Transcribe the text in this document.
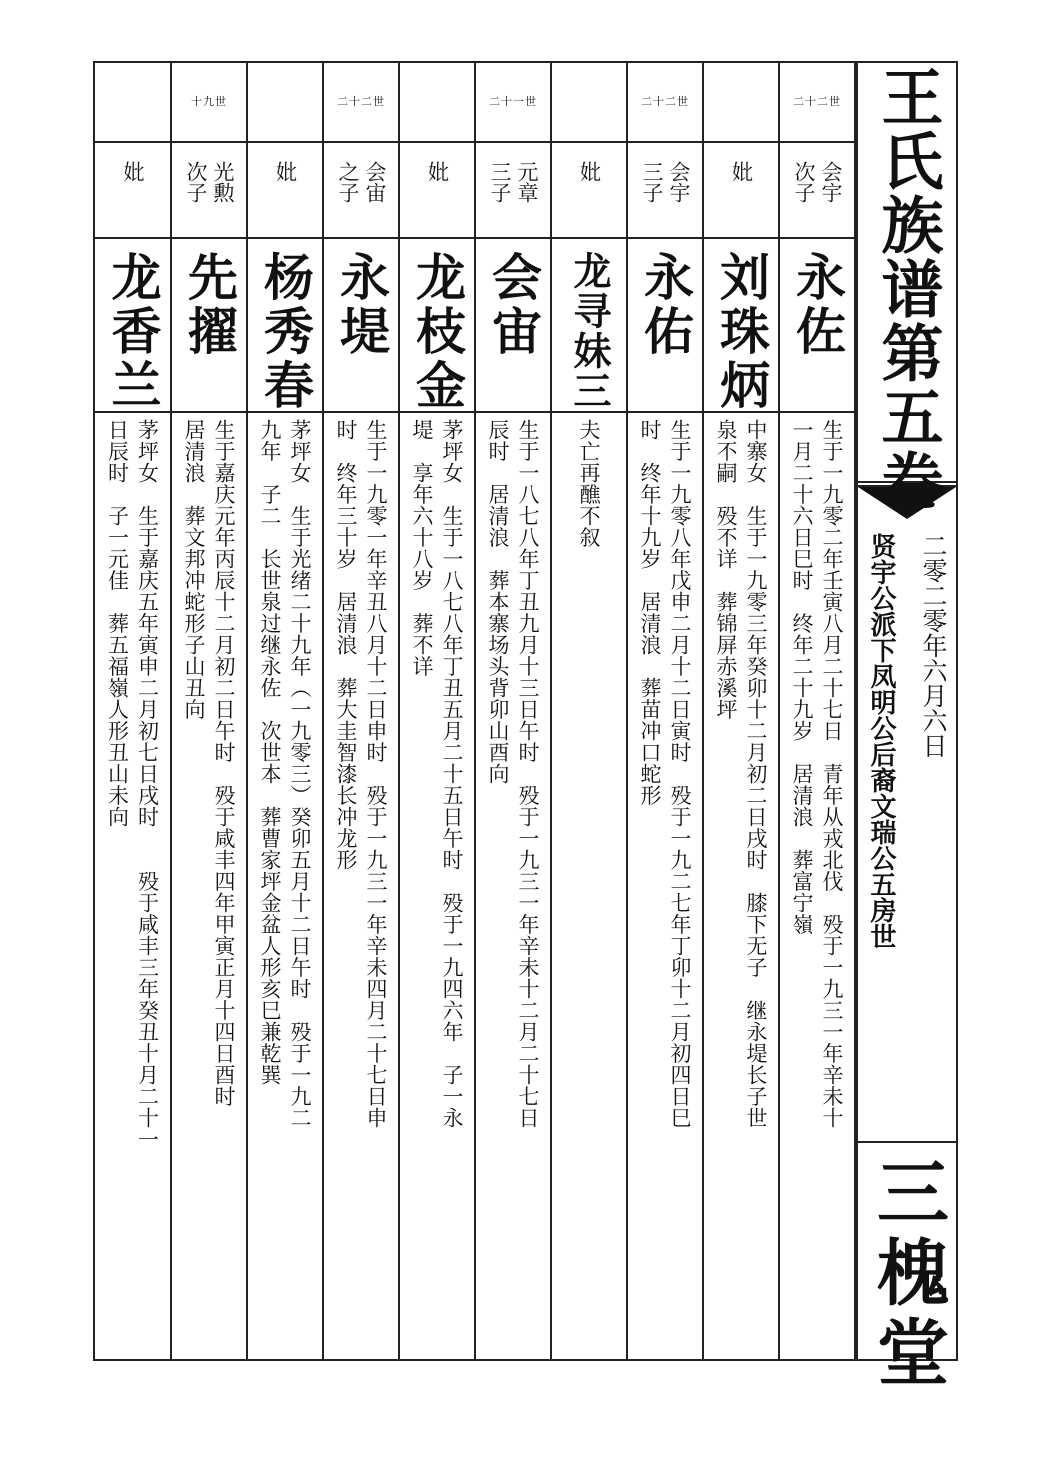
二十二世
次子 会宇
永佐
生于一九零二年壬寅八月二十七日　青年从戎北伐　殁于一九三一年辛未十
一月二十六日巳时　终年二十九岁　居清浪　葬富宁嶺
妣
刘珠炳
中寨女　生于一九零三年癸卯十二月初二日戌时　膝下无子　继永堤长子世
泉不嗣　殁不详　葬锦屏赤溪坪
二十二世
三子 会宇
永佑
生于一九零八年戊申二月十二日寅时　殁于一九二七年丁卯十二月初四日巳
时　终年十九岁　居清浪　葬苗冲口蛇形
妣
龙寻妹三
夫亡再醮不叙
二十一世
三子 元章
会宙
生于一八七八年丁丑九月十三日午时　殁于一九三一年辛未十二月二十七日
辰时　居清浪　葬本寨场头背卯山酉向
妣
龙枝金
茅坪女　生于一八七八年丁丑五月二十五日午时　殁于一九四六年　子一永
堤　享年六十八岁　葬不详
二十二世
之子 会宙
永堤
生于一九零一年辛丑八月十二日申时　殁于一九三一年辛未四月二十七日申
时　终年三十岁　居清浪　葬大圭智漆长冲龙形
妣
杨秀春
茅坪女　生于光绪二十九年（一九零三）癸卯五月十二日午时　殁于一九二
九年　子二　长世泉过继永佐　次世本　葬曹家坪金盆人形亥巳兼乾巽
十九世
次子 光勲
先擢
生于嘉庆元年丙辰十二月初二日午时　殁于咸丰四年甲寅正月十四日酉时
居清浪　葬文邦冲蛇形子山丑向
妣
龙香兰
茅坪女　生于嘉庆五年寅申二月初七日戌时　　殁于咸丰三年癸丑十月二十一
日辰时　子一元佳　葬五福嶺人形丑山未向
王氏族谱第五卷
贤宇公派下凤明公后裔文瑞公五房世 二零二零年六月六日
三槐堂
